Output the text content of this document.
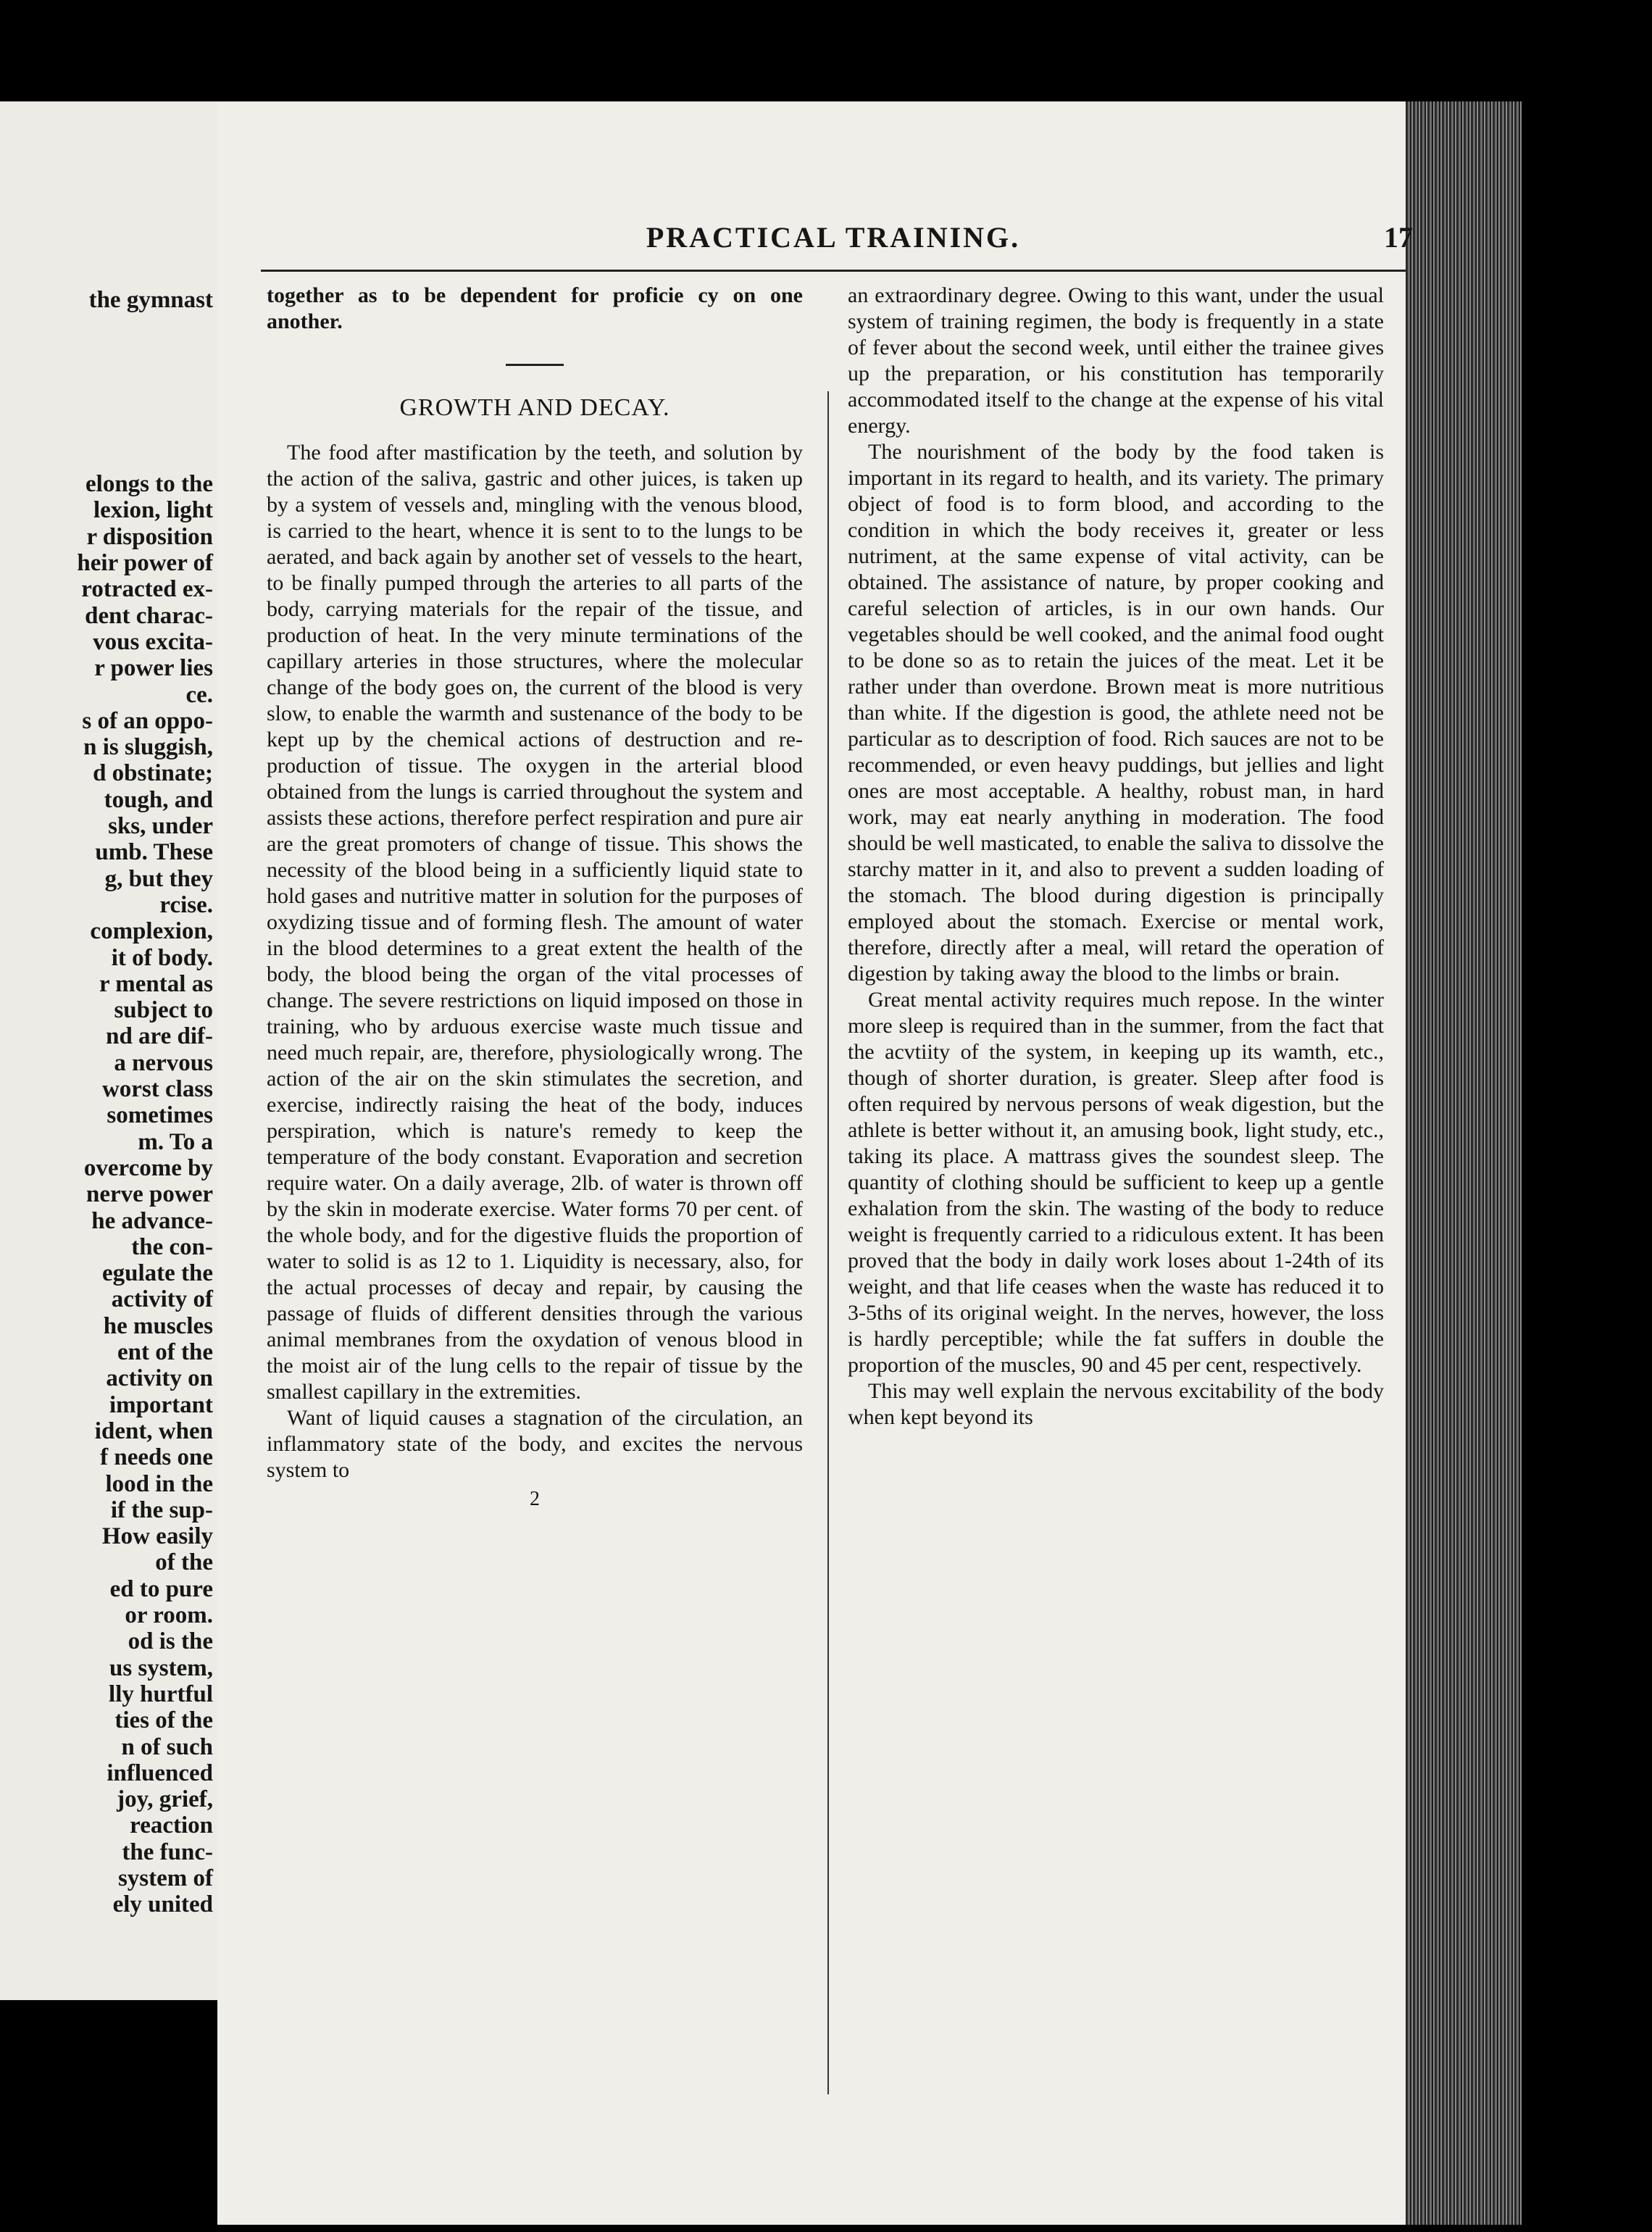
the gymnast
elongs to the
lexion, light
r disposition
heir power of
rotracted ex-
dent charac-
vous excita-
r power lies
ce.
s of an oppo-
n is sluggish,
d obstinate;
tough, and
sks, under
umb. These
g, but they
rcise.
complexion,
it of body.
r mental as
subject to
nd are dif-
a nervous
worst class
sometimes
m. To a
overcome by
nerve power
he advance-
the con-
egulate the
activity of
he muscles
ent of the
activity on
important
ident, when
f needs one
lood in the
if the sup-
How easily
of the
ed to pure
or room.
od is the
us system,
lly hurtful
ties of the
n of such
influenced
joy, grief,
reaction
the func-
system of
ely united
PRACTICAL TRAINING.	17

together as to be dependent for proficie cy on one another.

GROWTH AND DECAY.

The food after mastification by the teeth, and solution by the action of the saliva, gastric and other juices, is taken up by a system of vessels and, mingling with the venous blood, is carried to the heart, whence it is sent to to the lungs to be aerated, and back again by another set of vessels to the heart, to be finally pumped through the arteries to all parts of the body, carrying materials for the repair of the tissue, and production of heat. In the very minute terminations of the capillary arteries in those structures, where the molecular change of the body goes on, the current of the blood is very slow, to enable the warmth and sustenance of the body to be kept up by the chemical actions of destruction and re-production of tissue. The oxygen in the arterial blood obtained from the lungs is carried throughout the system and assists these actions, therefore perfect respiration and pure air are the great promoters of change of tissue. This shows the necessity of the blood being in a sufficiently liquid state to hold gases and nutritive matter in solution for the purposes of oxydizing tissue and of forming flesh. The amount of water in the blood determines to a great extent the health of the body, the blood being the organ of the vital processes of change. The severe restrictions on liquid imposed on those in training, who by arduous exercise waste much tissue and need much repair, are, therefore, physiologically wrong. The action of the air on the skin stimulates the secretion, and exercise, indirectly raising the heat of the body, induces perspiration, which is nature's remedy to keep the temperature of the body constant. Evaporation and secretion require water. On a daily average, 2lb. of water is thrown off by the skin in moderate exercise. Water forms 70 per cent. of the whole body, and for the digestive fluids the proportion of water to solid is as 12 to 1. Liquidity is necessary, also, for the actual processes of decay and repair, by causing the passage of fluids of different densities through the various animal membranes from the oxydation of venous blood in the moist air of the lung cells to the repair of tissue by the smallest capillary in the extremities.

Want of liquid causes a stagnation of the circulation, an inflammatory state of the body, and excites the nervous system to

2

an extraordinary degree. Owing to this want, under the usual system of training regimen, the body is frequently in a state of fever about the second week, until either the trainee gives up the preparation, or his constitution has temporarily accommodated itself to the change at the expense of his vital energy.

The nourishment of the body by the food taken is important in its regard to health, and its variety. The primary object of food is to form blood, and according to the condition in which the body receives it, greater or less nutriment, at the same expense of vital activity, can be obtained. The assistance of nature, by proper cooking and careful selection of articles, is in our own hands. Our vegetables should be well cooked, and the animal food ought to be done so as to retain the juices of the meat. Let it be rather under than overdone. Brown meat is more nutritious than white. If the digestion is good, the athlete need not be particular as to description of food. Rich sauces are not to be recommended, or even heavy puddings, but jellies and light ones are most acceptable. A healthy, robust man, in hard work, may eat nearly anything in moderation. The food should be well masticated, to enable the saliva to dissolve the starchy matter in it, and also to prevent a sudden loading of the stomach. The blood during digestion is principally employed about the stomach. Exercise or mental work, therefore, directly after a meal, will retard the operation of digestion by taking away the blood to the limbs or brain.

Great mental activity requires much repose. In the winter more sleep is required than in the summer, from the fact that the acvtiity of the system, in keeping up its wamth, etc., though of shorter duration, is greater. Sleep after food is often required by nervous persons of weak digestion, but the athlete is better without it, an amusing book, light study, etc., taking its place. A mattrass gives the soundest sleep. The quantity of clothing should be sufficient to keep up a gentle exhalation from the skin. The wasting of the body to reduce weight is frequently carried to a ridiculous extent. It has been proved that the body in daily work loses about 1-24th of its weight, and that life ceases when the waste has reduced it to 3-5ths of its original weight. In the nerves, however, the loss is hardly perceptible; while the fat suffers in double the proportion of the muscles, 90 and 45 per cent, respectively.

This may well explain the nervous excitability of the body when kept beyond its
